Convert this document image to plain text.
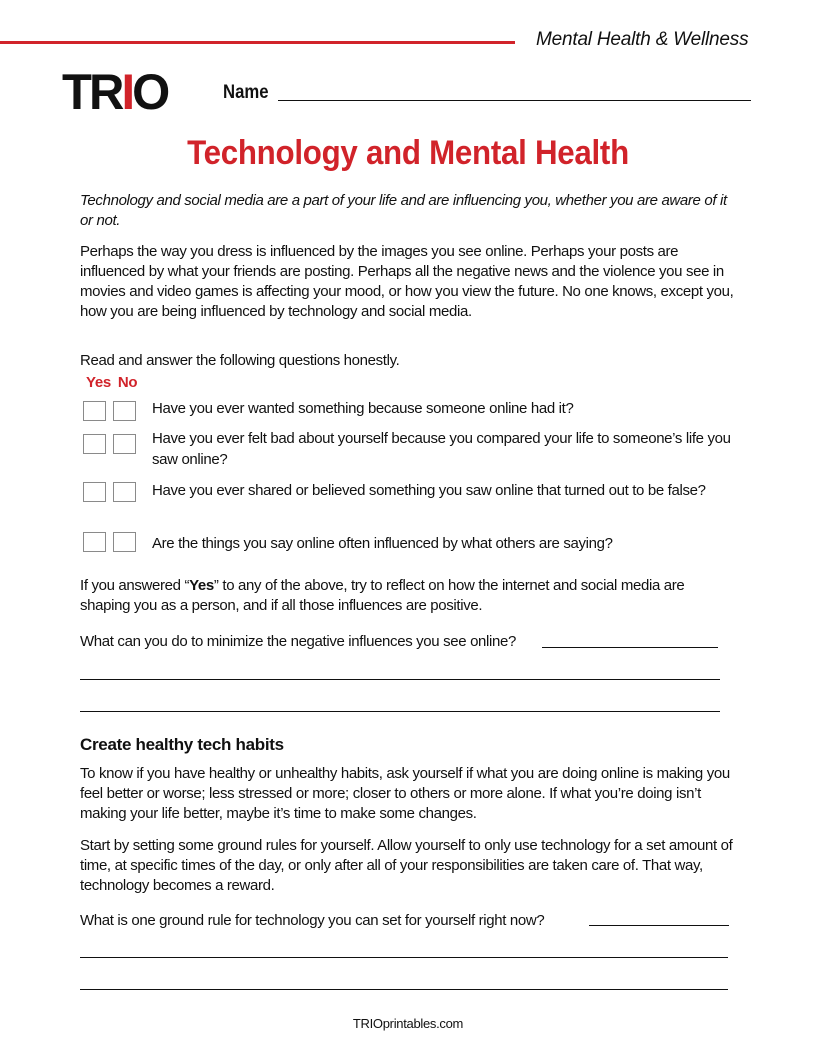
Mental Health & Wellness
TRIO	Name
Technology and Mental Health
Technology and social media are a part of your life and are influencing you, whether you are aware of it or not.
Perhaps the way you dress is influenced by the images you see online. Perhaps your posts are influenced by what your friends are posting. Perhaps all the negative news and the violence you see in movies and video games is affecting your mood, or how you view the future. No one knows, except you, how you are being influenced by technology and social media.
Read and answer the following questions honestly.
Yes No
Have you ever wanted something because someone online had it?
Have you ever felt bad about yourself because you compared your life to someone’s life you saw online?
Have you ever shared or believed something you saw online that turned out to be false?
Are the things you say online often influenced by what others are saying?
If you answered “Yes” to any of the above, try to reflect on how the internet and social media are shaping you as a person, and if all those influences are positive.
What can you do to minimize the negative influences you see online?
Create healthy tech habits
To know if you have healthy or unhealthy habits, ask yourself if what you are doing online is making you feel better or worse; less stressed or more; closer to others or more alone. If what you’re doing isn’t making your life better, maybe it’s time to make some changes.
Start by setting some ground rules for yourself. Allow yourself to only use technology for a set amount of time, at specific times of the day, or only after all of your responsibilities are taken care of. That way, technology becomes a reward.
What is one ground rule for technology you can set for yourself right now?
TRIOprintables.com
